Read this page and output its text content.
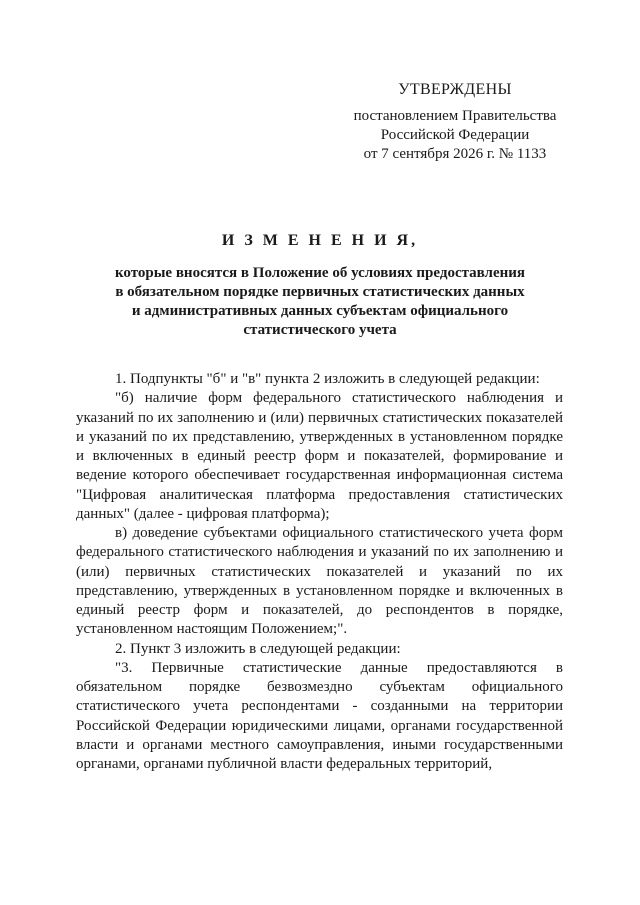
УТВЕРЖДЕНЫ
постановлением Правительства
Российской Федерации
от 7 сентября 2026 г. № 1133
И З М Е Н Е Н И Я,
которые вносятся в Положение об условиях предоставления
в обязательном порядке первичных статистических данных
и административных данных субъектам официального
статистического учета

1. Подпункты "б" и "в" пункта 2 изложить в следующей редакции:

"б) наличие форм федерального статистического наблюдения и указаний по их заполнению и (или) первичных статистических показателей и указаний по их представлению, утвержденных в установленном порядке и включенных в единый реестр форм и показателей, формирование и ведение которого обеспечивает государственная информационная система "Цифровая аналитическая платформа предоставления статистических данных" (далее - цифровая платформа);

в) доведение субъектами официального статистического учета форм федерального статистического наблюдения и указаний по их заполнению и (или) первичных статистических показателей и указаний по их представлению, утвержденных в установленном порядке и включенных в единый реестр форм и показателей, до респондентов в порядке, установленном настоящим Положением;".

2. Пункт 3 изложить в следующей редакции:

"3. Первичные статистические данные предоставляются в обязательном порядке безвозмездно субъектам официального статистического учета респондентами - созданными на территории Российской Федерации юридическими лицами, органами государственной власти и органами местного самоуправления, иными государственными органами, органами публичной власти федеральных территорий,
